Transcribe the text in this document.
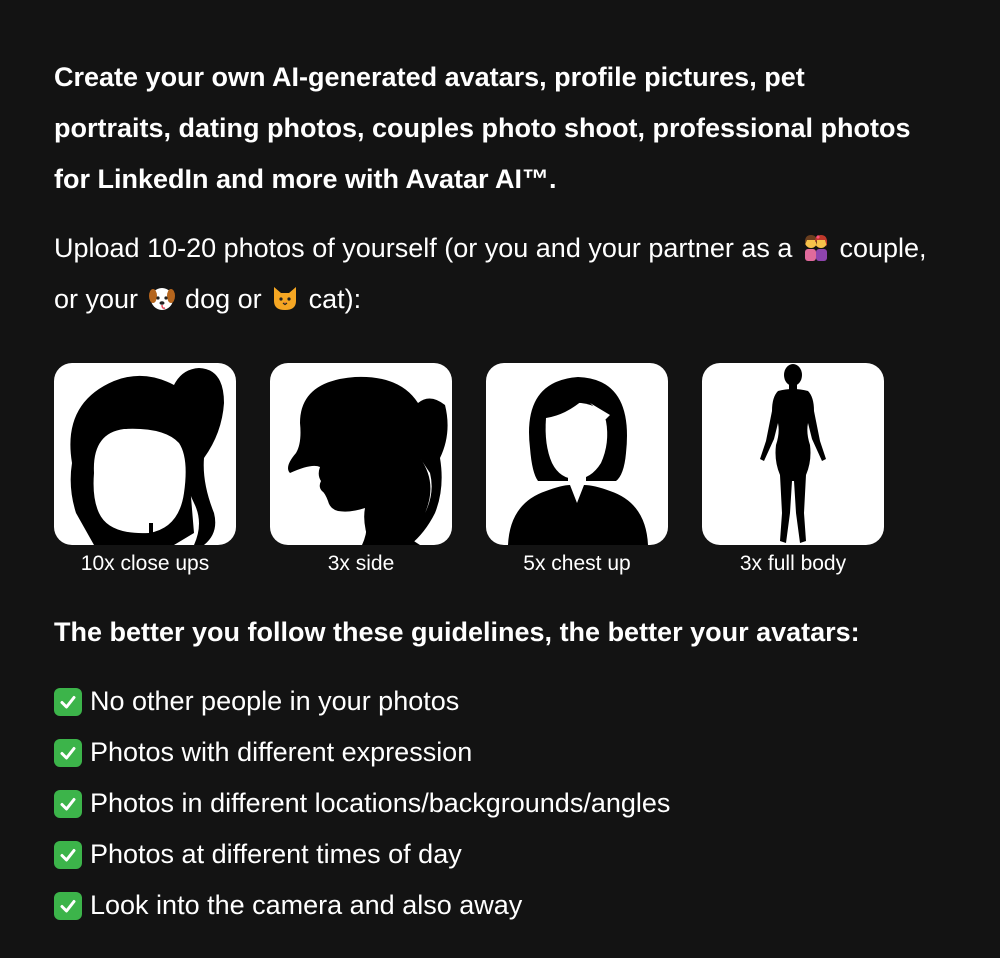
Create your own AI-generated avatars, profile pictures, pet portraits, dating photos, couples photo shoot, professional photos for LinkedIn and more with Avatar AI™.

Upload 10-20 photos of yourself (or you and your partner as a  couple, or your  dog or  cat):

10x close ups	3x side	5x chest up	3x full body

The better you follow these guidelines, the better your avatars:

No other people in your photos
Photos with different expression
Photos in different locations/backgrounds/angles
Photos at different times of day
Look into the camera and also away
